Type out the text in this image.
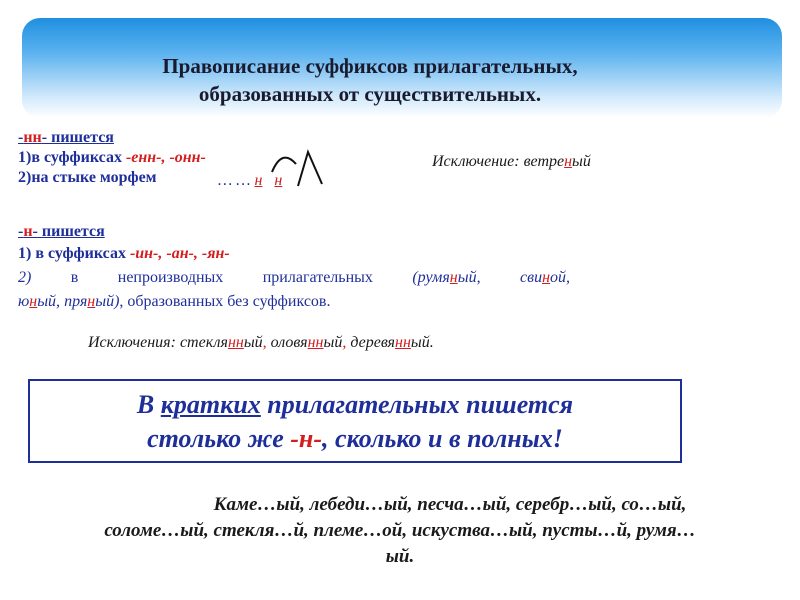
Правописание суффиксов прилагательных,
образованных от существительных.
-нн- пишется
1)в суффиксах -енн-, -онн-
2)на стыке морфем	… … н н
Исключение: ветреный
-н- пишется
1) в суффиксах -ин-, -ан-, -ян-
2) в непроизводных прилагательных (румяный, свиной,
юный, пряный), образованных без суффиксов.
Исключения: стеклянный, оловянный, деревянный.
В кратких прилагательных пишется
столько же -н-, сколько и в полных!
Каме…ый, лебеди…ый, песча…ый, серебр…ый, со…ый,
соломе…ый, стекля…й, племе…ой, искуства…ый, пусты…й, румя…
ый.
